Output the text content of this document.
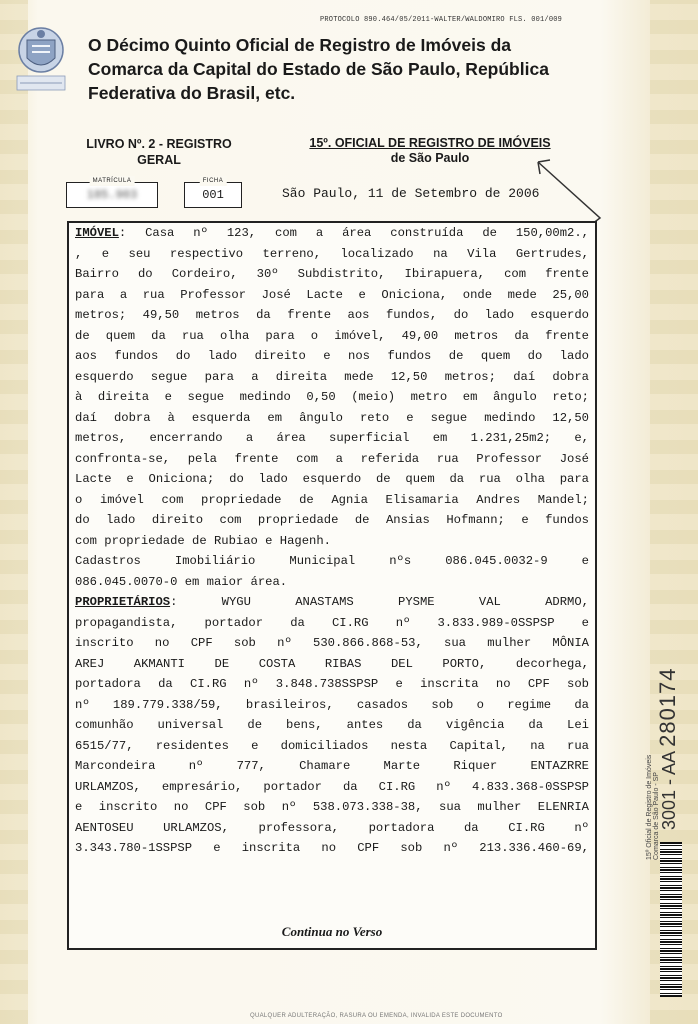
PROTOCOLO 890.464/05/2011-WALTER/WALDOMIRO FLS. 001/009
O Décimo Quinto Oficial de Registro de Imóveis da
Comarca da Capital do Estado de São Paulo, República
Federativa do Brasil, etc.
LIVRO Nº. 2 - REGISTRO
GERAL
15º. OFICIAL DE REGISTRO DE IMÓVEIS
de São Paulo
MATRÍCULA
185.903
FICHA
001	São Paulo, 11 de Setembro de 2006

IMÓVEL: Casa nº 123, com a área construída de 150,00m2.,

, e seu respectivo terreno, localizado na Vila Gertrudes,

Bairro do Cordeiro, 30º Subdistrito, Ibirapuera, com frente

para a rua Professor José Lacte e Oniciona, onde mede 25,00

metros; 49,50 metros da frente aos fundos, do lado esquerdo

de quem da rua olha para o imóvel, 49,00 metros da frente

aos fundos do lado direito e nos fundos de quem do lado

esquerdo segue para a direita mede 12,50 metros; daí dobra

à direita e segue medindo 0,50 (meio) metro em ângulo reto;

daí dobra à esquerda em ângulo reto e segue medindo 12,50

metros, encerrando a área superficial em 1.231,25m2; e,

confronta-se, pela frente com a referida rua Professor José

Lacte e Oniciona; do lado esquerdo de quem da rua olha para

o imóvel com propriedade de Agnia Elisamaria Andres Mandel;

do lado direito com propriedade de Ansias Hofmann; e fundos

com propriedade de Rubiao e Hagenh.

Cadastros Imobiliário Municipal nºs 086.045.0032-9 e

086.045.0070-0 em maior área.

PROPRIETÁRIOS: WYGU ANASTAMS PYSME VAL ADRMO,

propagandista, portador da CI.RG nº 3.833.989-0SSPSP e

inscrito no CPF sob nº 530.866.868-53, sua mulher MÔNIA

AREJ AKMANTI DE COSTA RIBAS DEL PORTO, decorhega,

portadora da CI.RG nº 3.848.738SSPSP e inscrita no CPF sob

nº 189.779.338/59, brasileiros, casados sob o regime da

comunhão universal de bens, antes da vigência da Lei

6515/77, residentes e domiciliados nesta Capital, na rua

Marcondeira nº 777, Chamare Marte Riquer ENTAZRRE

URLAMZOS, empresário, portador da CI.RG nº 4.833.368-0SSPSP

e inscrito no CPF sob nº 538.073.338-38, sua mulher ELENRIA

AENTOSEU URLAMZOS, professora, portadora da CI.RG nº

3.343.780-1SSPSP e inscrita no CPF sob nº 213.336.460-69,

Continua no Verso
15º Oficial de Registro de Imóveis Comarca de São Paulo - SP 3001 - AA 280174
QUALQUER ADULTERAÇÃO, RASURA OU EMENDA, INVALIDA ESTE DOCUMENTO
